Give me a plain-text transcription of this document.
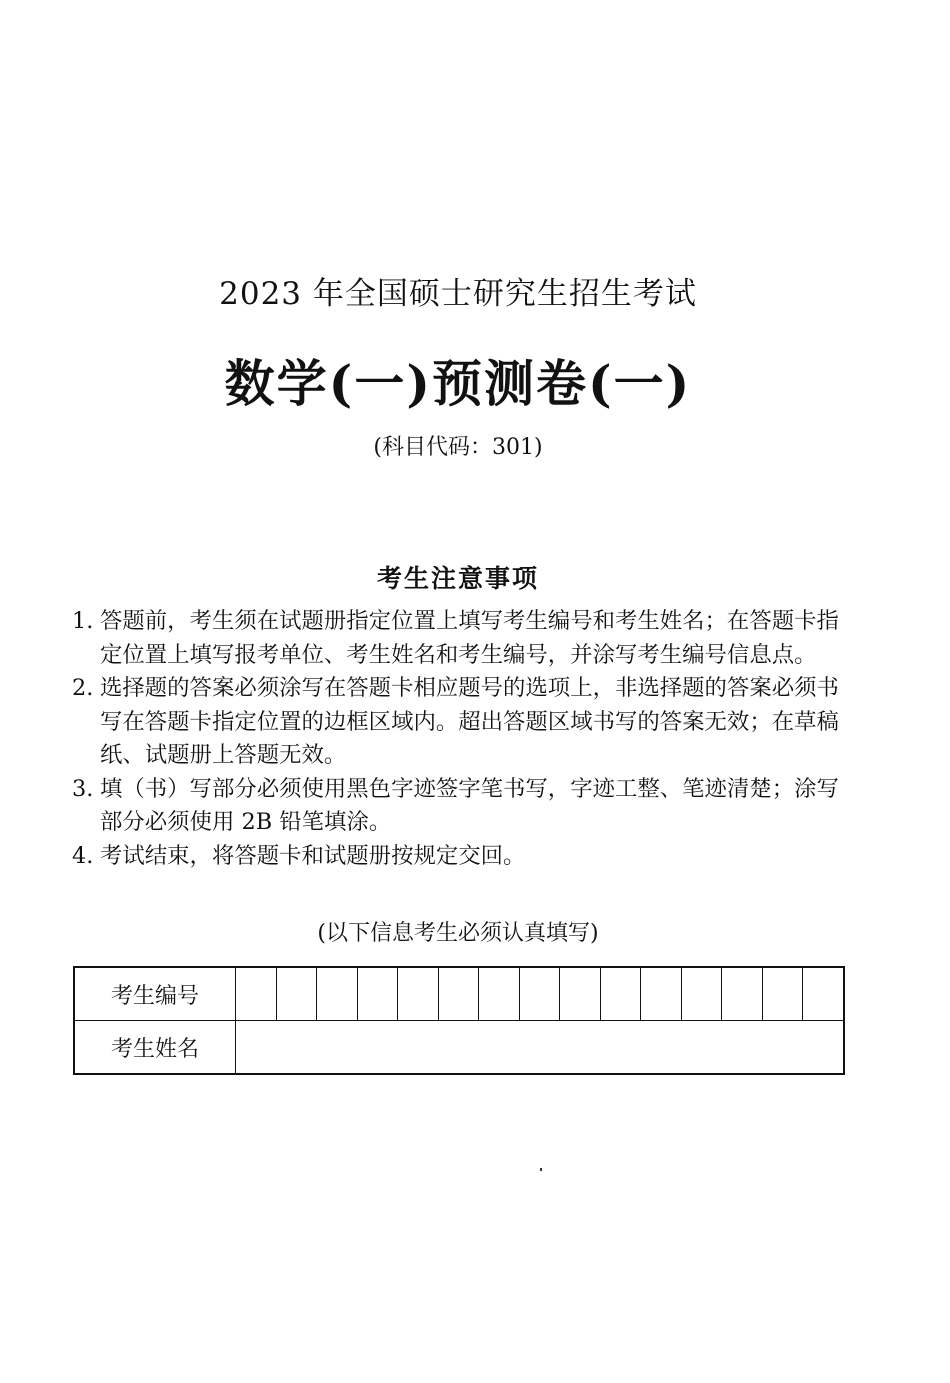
2023 年全国硕士研究生招生考试
数学(一)预测卷(一)
(科目代码：301)
考生注意事项
1. 答题前，考生须在试题册指定位置上填写考生编号和考生姓名；在答题卡指
定位置上填写报考单位、考生姓名和考生编号，并涂写考生编号信息点。
2. 选择题的答案必须涂写在答题卡相应题号的选项上，非选择题的答案必须书
写在答题卡指定位置的边框区域内。超出答题区域书写的答案无效；在草稿
纸、试题册上答题无效。
3. 填（书）写部分必须使用黑色字迹签字笔书写，字迹工整、笔迹清楚；涂写
部分必须使用 2B 铅笔填涂。
4. 考试结束，将答题卡和试题册按规定交回。
(以下信息考生必须认真填写)
考生编号															
考生姓名															
